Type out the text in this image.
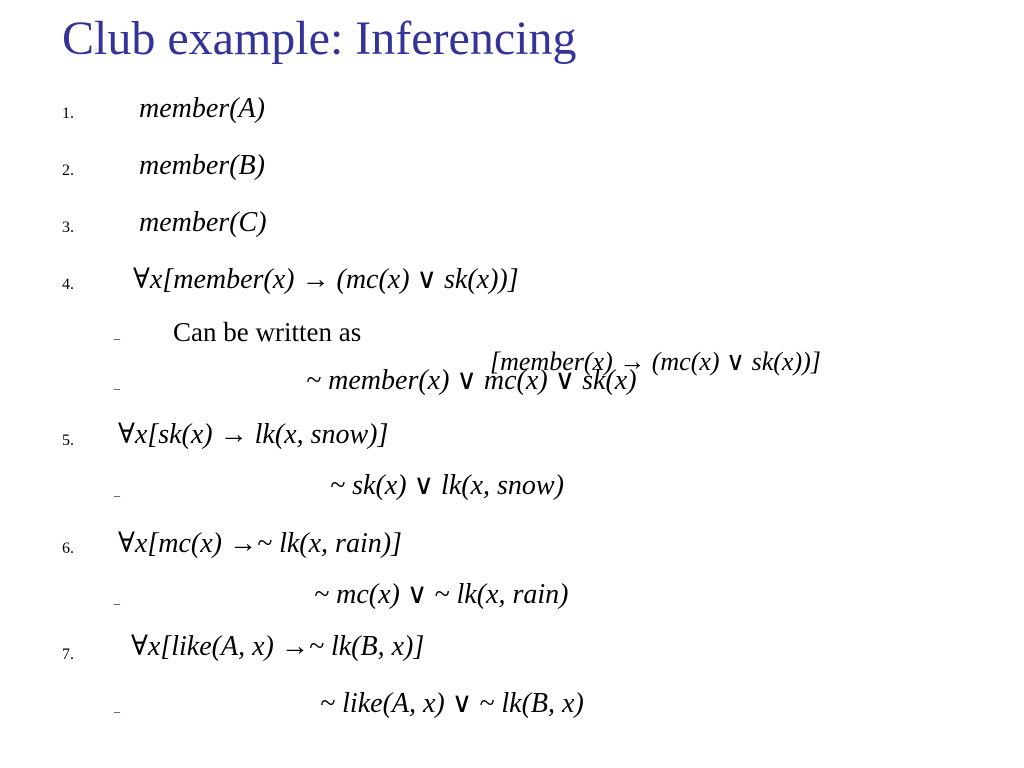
Club example: Inferencing
1. member(A)
2. member(B)
3. member(C)
4. ∀x[member(x) → (mc(x) ∨ sk(x))]
– Can be written as
[member(x) → (mc(x) ∨ sk(x))]
–	~ member(x) ∨ mc(x) ∨ sk(x)
5. ∀x[sk(x) → lk(x, snow)]
–	~ sk(x) ∨ lk(x, snow)
6. ∀x[mc(x) →~ lk(x, rain)]
–	~ mc(x) ∨ ~ lk(x, rain)
7. ∀x[like(A, x) →~ lk(B, x)]
–	~ like(A, x) ∨ ~ lk(B, x)
